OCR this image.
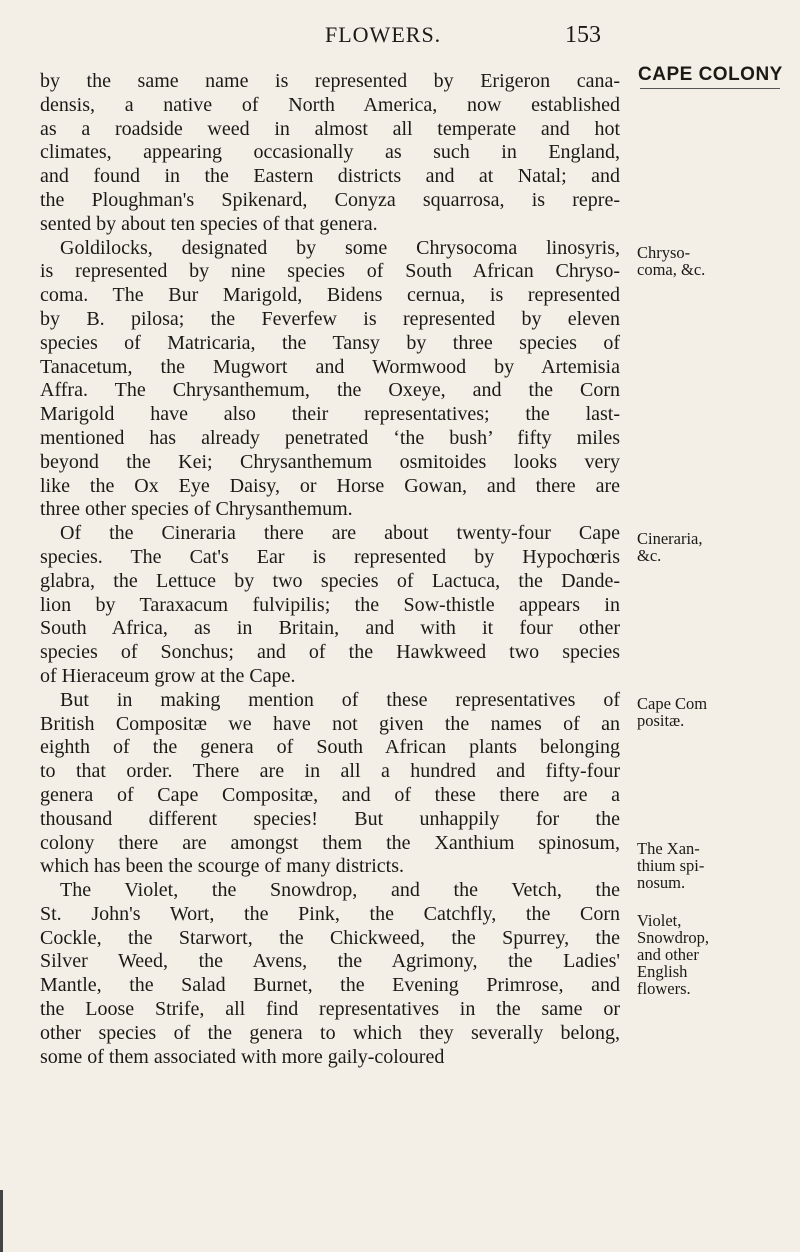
FLOWERS.	153
CAPE COLONY
by the same name is represented by Erigeron cana-
densis, a native of North America, now established
as a roadside weed in almost all temperate and hot
climates, appearing occasionally as such in England,
and found in the Eastern districts and at Natal; and
the Ploughman's Spikenard, Conyza squarrosa, is repre-
sented by about ten species of that genera.
Goldilocks, designated by some Chrysocoma linosyris,
is represented by nine species of South African Chryso-
coma. The Bur Marigold, Bidens cernua, is represented
by B. pilosa; the Feverfew is represented by eleven
species of Matricaria, the Tansy by three species of
Tanacetum, the Mugwort and Wormwood by Artemisia
Affra. The Chrysanthemum, the Oxeye, and the Corn
Marigold have also their representatives; the last-
mentioned has already penetrated ‘the bush’ fifty miles
beyond the Kei; Chrysanthemum osmitoides looks very
like the Ox Eye Daisy, or Horse Gowan, and there are
three other species of Chrysanthemum.
Of the Cineraria there are about twenty-four Cape
species. The Cat's Ear is represented by Hypochœris
glabra, the Lettuce by two species of Lactuca, the Dande-
lion by Taraxacum fulvipilis; the Sow-thistle appears in
South Africa, as in Britain, and with it four other
species of Sonchus; and of the Hawkweed two species
of Hieraceum grow at the Cape.
But in making mention of these representatives of
British Compositæ we have not given the names of an
eighth of the genera of South African plants belonging
to that order. There are in all a hundred and fifty-four
genera of Cape Compositæ, and of these there are a
thousand different species! But unhappily for the
colony there are amongst them the Xanthium spinosum,
which has been the scourge of many districts.
The Violet, the Snowdrop, and the Vetch, the
St. John's Wort, the Pink, the Catchfly, the Corn
Cockle, the Starwort, the Chickweed, the Spurrey, the
Silver Weed, the Avens, the Agrimony, the Ladies'
Mantle, the Salad Burnet, the Evening Primrose, and
the Loose Strife, all find representatives in the same or
other species of the genera to which they severally belong,
some of them associated with more gaily-coloured
Chryso-
coma, &c.
Cineraria,
&c.
Cape Com
positæ.
The Xan-
thium spi-
nosum.
Violet,
Snowdrop,
and other
English
flowers.
